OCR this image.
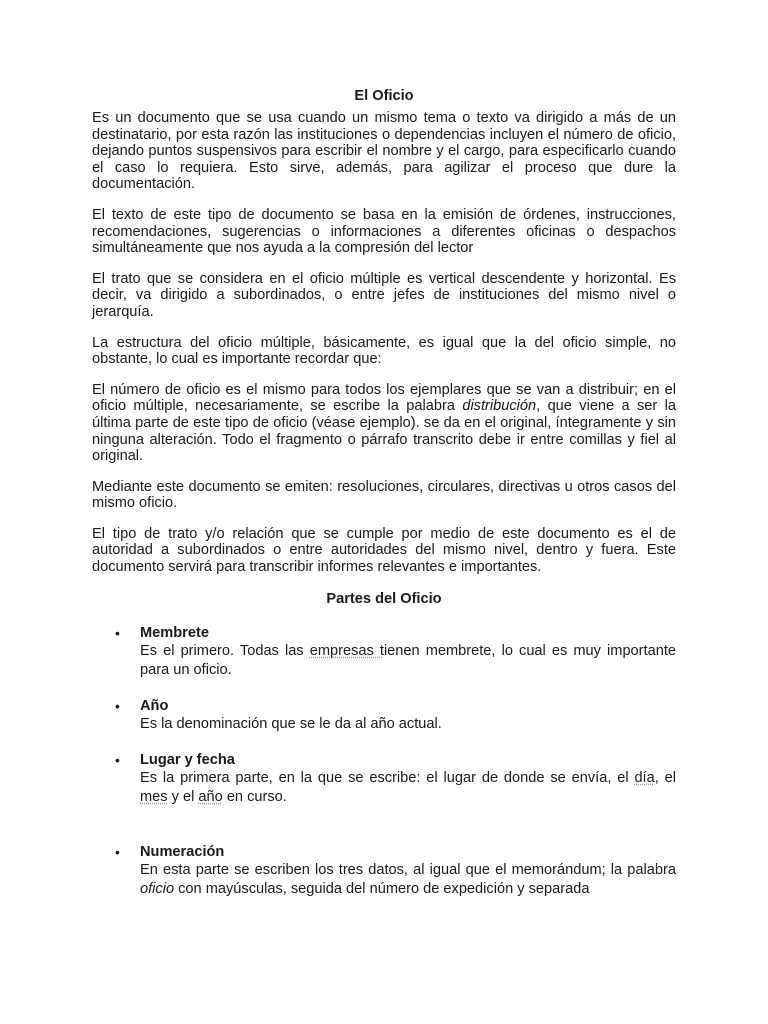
El Oficio

Es un documento que se usa cuando un mismo tema o texto va dirigido a más de un destinatario, por esta razón las instituciones o dependencias incluyen el número de oficio, dejando puntos suspensivos para escribir el nombre y el cargo, para especificarlo cuando el caso lo requiera. Esto sirve, además, para agilizar el proceso que dure la documentación.

El texto de este tipo de documento se basa en la emisión de órdenes, instrucciones, recomendaciones, sugerencias o informaciones a diferentes oficinas o despachos simultáneamente que nos ayuda a la compresión del lector

El trato que se considera en el oficio múltiple es vertical descendente y horizontal. Es decir, va dirigido a subordinados, o entre jefes de instituciones del mismo nivel o jerarquía.

La estructura del oficio múltiple, básicamente, es igual que la del oficio simple, no obstante, lo cual es importante recordar que:

El número de oficio es el mismo para todos los ejemplares que se van a distribuir; en el oficio múltiple, necesariamente, se escribe la palabra distribución, que viene a ser la última parte de este tipo de oficio (véase ejemplo). se da en el original, íntegramente y sin ninguna alteración. Todo el fragmento o párrafo transcrito debe ir entre comillas y fiel al original.

Mediante este documento se emiten: resoluciones, circulares, directivas u otros casos del mismo oficio.

El tipo de trato y/o relación que se cumple por medio de este documento es el de autoridad a subordinados o entre autoridades del mismo nivel, dentro y fuera. Este documento servirá para transcribir informes relevantes e importantes.

Partes del Oficio
• Membrete
Es el primero. Todas las empresas tienen membrete, lo cual es muy importante para un oficio.
• Año
Es la denominación que se le da al año actual.
• Lugar y fecha
Es la primera parte, en la que se escribe: el lugar de donde se envía, el día, el mes y el año en curso.
• Numeración
En esta parte se escriben los tres datos, al igual que el memorándum; la palabra oficio con mayúsculas, seguida del número de expedición y separada
